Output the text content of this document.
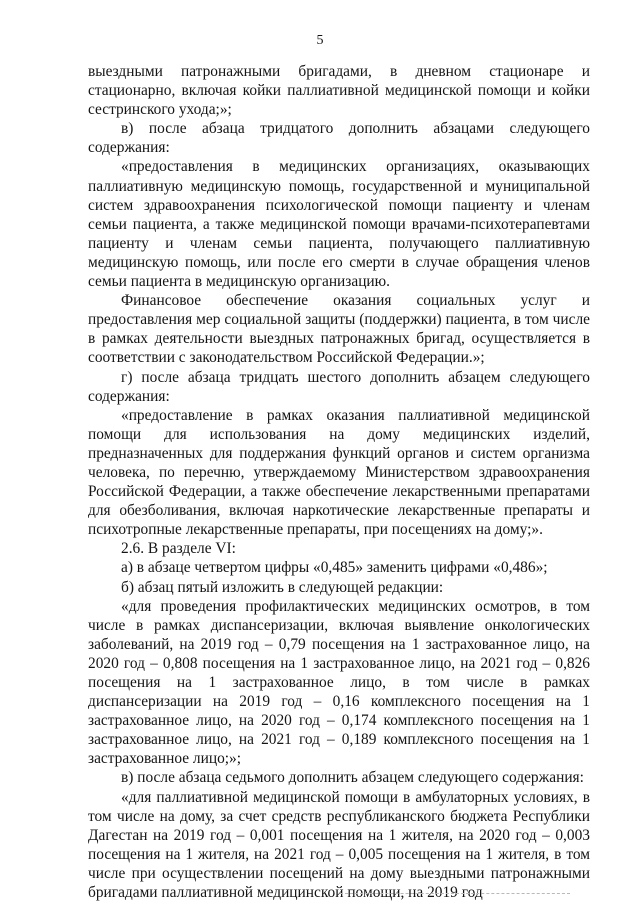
5

выездными патронажными бригадами, в дневном стационаре и стационарно, включая койки паллиативной медицинской помощи и койки сестринского ухода;»;

в) после абзаца тридцатого дополнить абзацами следующего содержания:

«предоставления в медицинских организациях, оказывающих паллиативную медицинскую помощь, государственной и муниципальной систем здравоохранения психологической помощи пациенту и членам семьи пациента, а также медицинской помощи врачами-психотерапевтами пациенту и членам семьи пациента, получающего паллиативную медицинскую помощь, или после его смерти в случае обращения членов семьи пациента в медицинскую организацию.

Финансовое обеспечение оказания социальных услуг и предоставления мер социальной защиты (поддержки) пациента, в том числе в рамках деятельности выездных патронажных бригад, осуществляется в соответствии с законодательством Российской Федерации.»;

г) после абзаца тридцать шестого дополнить абзацем следующего содержания:

«предоставление в рамках оказания паллиативной медицинской помощи для использования на дому медицинских изделий, предназначенных для поддержания функций органов и систем организма человека, по перечню, утверждаемому Министерством здравоохранения Российской Федерации, а также обеспечение лекарственными препаратами для обезболивания, включая наркотические лекарственные препараты и психотропные лекарственные препараты, при посещениях на дому;».

2.6. В разделе VI:

а) в абзаце четвертом цифры «0,485» заменить цифрами «0,486»;

б) абзац пятый изложить в следующей редакции:

«для проведения профилактических медицинских осмотров, в том числе в рамках диспансеризации, включая выявление онкологических заболеваний, на 2019 год – 0,79 посещения на 1 застрахованное лицо, на 2020 год – 0,808 посещения на 1 застрахованное лицо, на 2021 год – 0,826 посещения на 1 застрахованное лицо, в том числе в рамках диспансеризации на 2019 год – 0,16 комплексного посещения на 1 застрахованное лицо, на 2020 год – 0,174 комплексного посещения на 1 застрахованное лицо, на 2021 год – 0,189 комплексного посещения на 1 застрахованное лицо;»;

в) после абзаца седьмого дополнить абзацем следующего содержания:

«для паллиативной медицинской помощи в амбулаторных условиях, в том числе на дому, за счет средств республиканского бюджета Республики Дагестан на 2019 год – 0,001 посещения на 1 жителя, на 2020 год – 0,003 посещения на 1 жителя, на 2021 год – 0,005 посещения на 1 жителя, в том числе при осуществлении посещений на дому выездными патронажными бригадами паллиативной медицинской помощи, на 2019 год
